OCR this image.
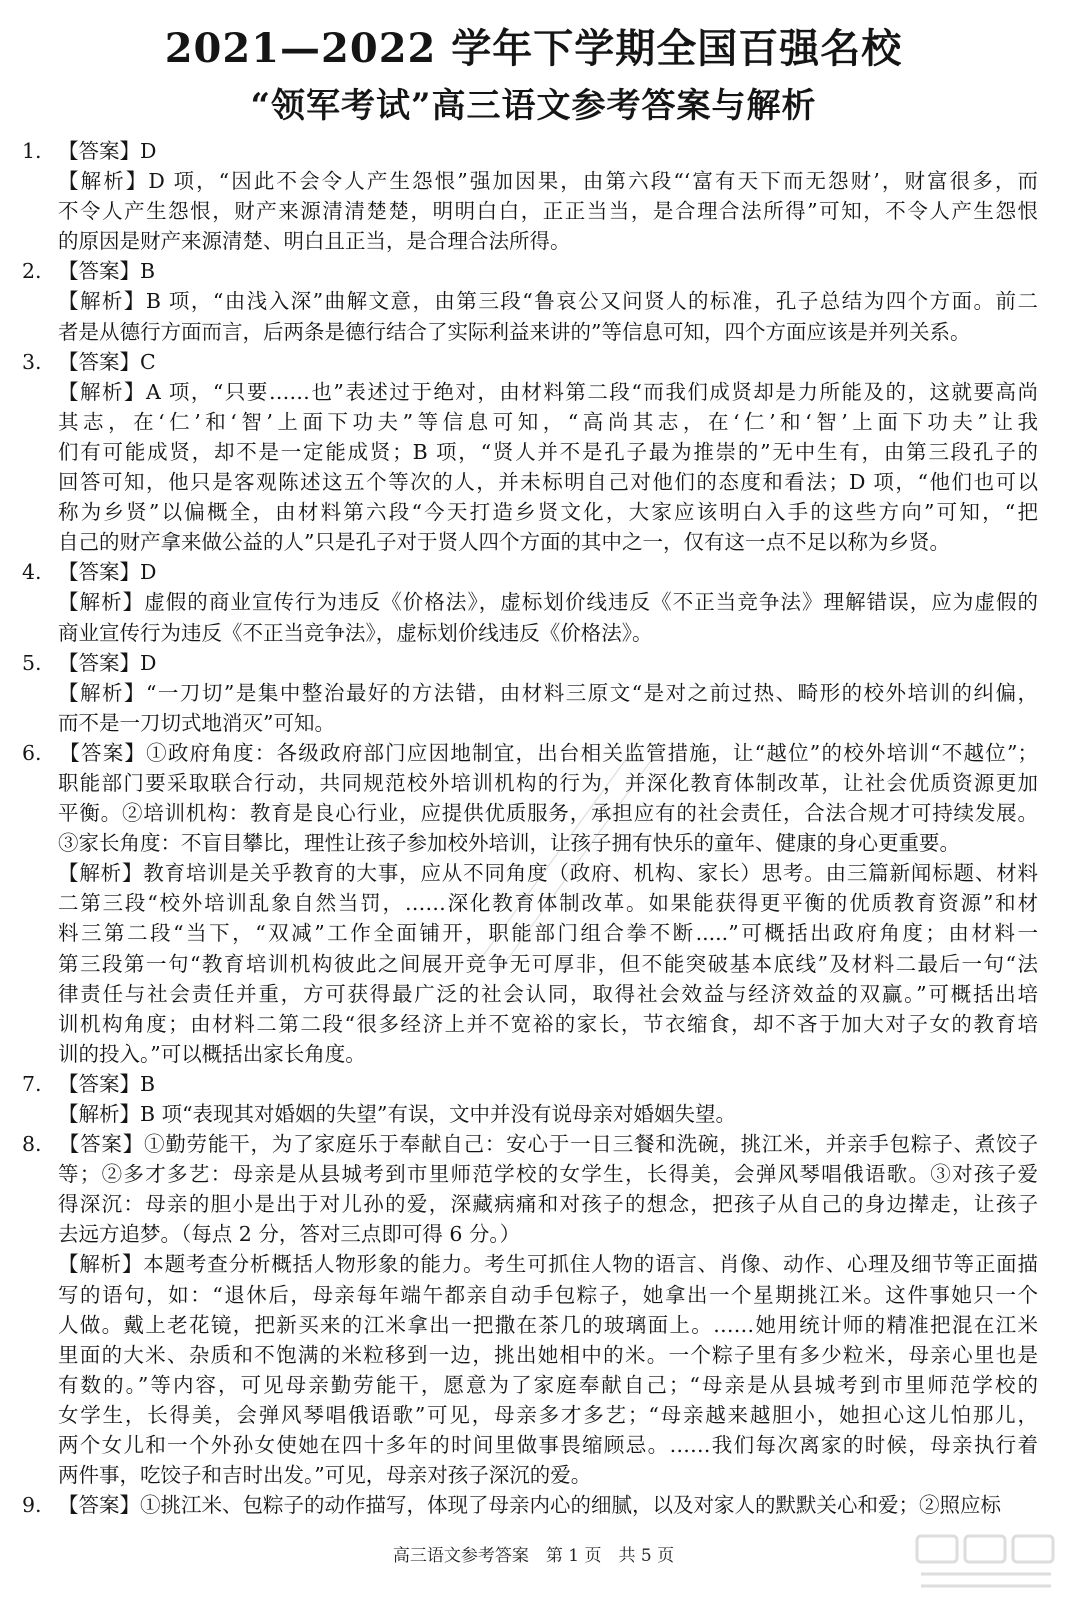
2021—2022 学年下学期全国百强名校
“领军考试”高三语文参考答案与解析
1. 【答案】D
【解析】D 项，“因此不会令人产生怨恨”强加因果，由第六段“‘富有天下而无怨财’，财富很多，而
不令人产生怨恨，财产来源清清楚楚，明明白白，正正当当，是合理合法所得”可知，不令人产生怨恨
的原因是财产来源清楚、明白且正当，是合理合法所得。
2. 【答案】B
【解析】B 项，“由浅入深”曲解文意，由第三段“鲁哀公又问贤人的标准，孔子总结为四个方面。前二
者是从德行方面而言，后两条是德行结合了实际利益来讲的”等信息可知，四个方面应该是并列关系。
3. 【答案】C
【解析】A 项，“只要……也”表述过于绝对，由材料第二段“而我们成贤却是力所能及的，这就要高尚
其志，在‘仁’和‘智’上面下功夫”等信息可知，“高尚其志，在‘仁’和‘智’上面下功夫”让我
们有可能成贤，却不是一定能成贤；B 项，“贤人并不是孔子最为推崇的”无中生有，由第三段孔子的
回答可知，他只是客观陈述这五个等次的人，并未标明自己对他们的态度和看法；D 项，“他们也可以
称为乡贤”以偏概全，由材料第六段“今天打造乡贤文化，大家应该明白入手的这些方向”可知，“把
自己的财产拿来做公益的人”只是孔子对于贤人四个方面的其中之一，仅有这一点不足以称为乡贤。
4. 【答案】D
【解析】虚假的商业宣传行为违反《价格法》，虚标划价线违反《不正当竞争法》理解错误，应为虚假的
商业宣传行为违反《不正当竞争法》，虚标划价线违反《价格法》。
5. 【答案】D
【解析】“一刀切”是集中整治最好的方法错，由材料三原文“是对之前过热、畸形的校外培训的纠偏，
而不是一刀切式地消灭”可知。
6. 【答案】①政府角度：各级政府部门应因地制宜，出台相关监管措施，让“越位”的校外培训“不越位”；
职能部门要采取联合行动，共同规范校外培训机构的行为，并深化教育体制改革，让社会优质资源更加
平衡。②培训机构：教育是良心行业，应提供优质服务，承担应有的社会责任，合法合规才可持续发展。
③家长角度：不盲目攀比，理性让孩子参加校外培训，让孩子拥有快乐的童年、健康的身心更重要。
【解析】教育培训是关乎教育的大事，应从不同角度（政府、机构、家长）思考。由三篇新闻标题、材料
二第三段“校外培训乱象自然当罚，……深化教育体制改革。如果能获得更平衡的优质教育资源”和材
料三第二段“当下，“双减”工作全面铺开，职能部门组合拳不断.....”可概括出政府角度；由材料一
第三段第一句“教育培训机构彼此之间展开竞争无可厚非，但不能突破基本底线”及材料二最后一句“法
律责任与社会责任并重，方可获得最广泛的社会认同，取得社会效益与经济效益的双赢。”可概括出培
训机构角度；由材料二第二段“很多经济上并不宽裕的家长，节衣缩食，却不吝于加大对子女的教育培
训的投入。”可以概括出家长角度。
7. 【答案】B
【解析】B 项“表现其对婚姻的失望”有误，文中并没有说母亲对婚姻失望。
8. 【答案】①勤劳能干，为了家庭乐于奉献自己：安心于一日三餐和洗碗，挑江米，并亲手包粽子、煮饺子
等；②多才多艺：母亲是从县城考到市里师范学校的女学生，长得美，会弹风琴唱俄语歌。③对孩子爱
得深沉：母亲的胆小是出于对儿孙的爱，深藏病痛和对孩子的想念，把孩子从自己的身边撵走，让孩子
去远方追梦。（每点 2 分，答对三点即可得 6 分。）
【解析】本题考查分析概括人物形象的能力。考生可抓住人物的语言、肖像、动作、心理及细节等正面描
写的语句，如：“退休后，母亲每年端午都亲自动手包粽子，她拿出一个星期挑江米。这件事她只一个
人做。戴上老花镜，把新买来的江米拿出一把撒在茶几的玻璃面上。……她用统计师的精准把混在江米
里面的大米、杂质和不饱满的米粒移到一边，挑出她相中的米。一个粽子里有多少粒米，母亲心里也是
有数的。”等内容，可见母亲勤劳能干，愿意为了家庭奉献自己；“母亲是从县城考到市里师范学校的
女学生，长得美，会弹风琴唱俄语歌”可见，母亲多才多艺；“母亲越来越胆小，她担心这儿怕那儿，
两个女儿和一个外孙女使她在四十多年的时间里做事畏缩顾忌。……我们每次离家的时候，母亲执行着
两件事，吃饺子和吉时出发。”可见，母亲对孩子深沉的爱。
9. 【答案】①挑江米、包粽子的动作描写，体现了母亲内心的细腻，以及对家人的默默关心和爱；②照应标
高三语文参考答案　第 1 页　共 5 页
